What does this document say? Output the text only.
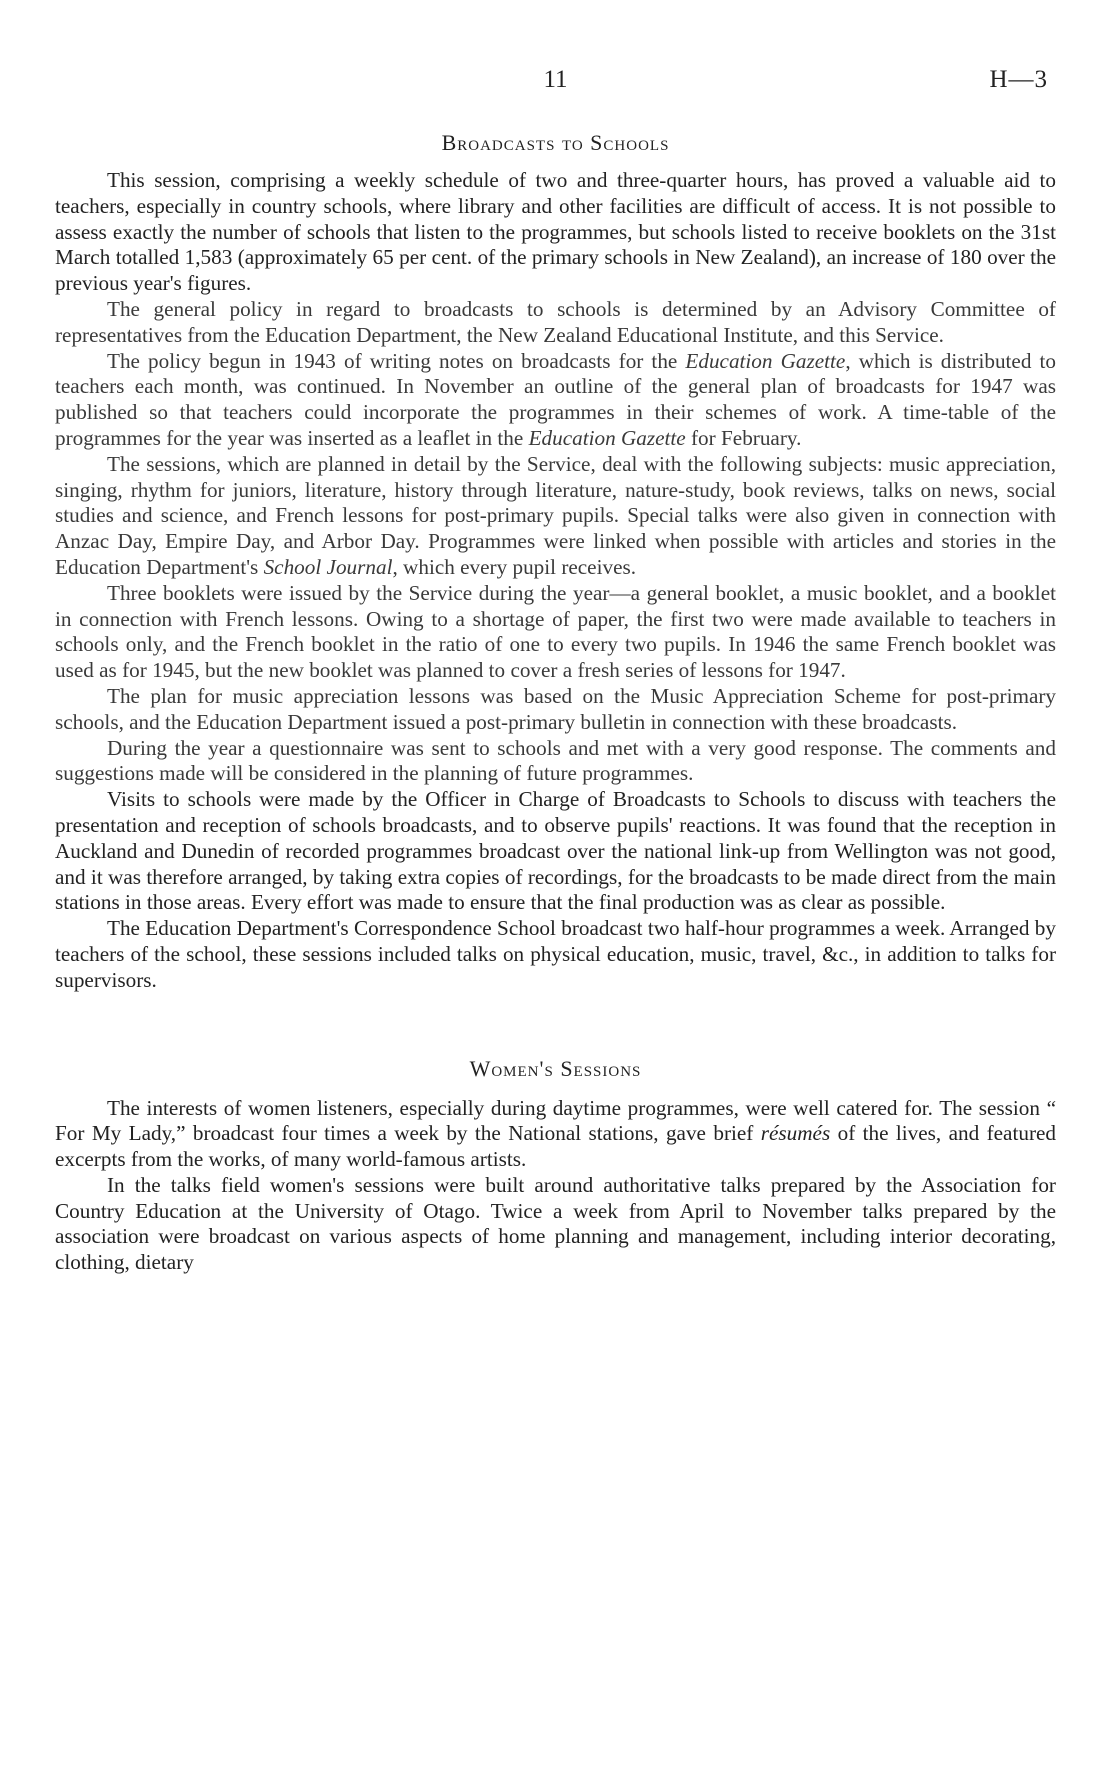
11	H—3
Broadcasts to Schools

This session, comprising a weekly schedule of two and three-quarter hours, has proved a valuable aid to teachers, especially in country schools, where library and other facilities are difficult of access. It is not possible to assess exactly the number of schools that listen to the programmes, but schools listed to receive booklets on the 31st March totalled 1,583 (approximately 65 per cent. of the primary schools in New Zealand), an increase of 180 over the previous year's figures.

The general policy in regard to broadcasts to schools is determined by an Advisory Committee of representatives from the Education Department, the New Zealand Educational Institute, and this Service.

The policy begun in 1943 of writing notes on broadcasts for the Education Gazette, which is distributed to teachers each month, was continued. In November an outline of the general plan of broadcasts for 1947 was published so that teachers could incorporate the programmes in their schemes of work. A time-table of the programmes for the year was inserted as a leaflet in the Education Gazette for February.

The sessions, which are planned in detail by the Service, deal with the following subjects: music appreciation, singing, rhythm for juniors, literature, history through literature, nature-study, book reviews, talks on news, social studies and science, and French lessons for post-primary pupils. Special talks were also given in connection with Anzac Day, Empire Day, and Arbor Day. Programmes were linked when possible with articles and stories in the Education Department's School Journal, which every pupil receives.

Three booklets were issued by the Service during the year—a general booklet, a music booklet, and a booklet in connection with French lessons. Owing to a shortage of paper, the first two were made available to teachers in schools only, and the French booklet in the ratio of one to every two pupils. In 1946 the same French booklet was used as for 1945, but the new booklet was planned to cover a fresh series of lessons for 1947.

The plan for music appreciation lessons was based on the Music Appreciation Scheme for post-primary schools, and the Education Department issued a post-primary bulletin in connection with these broadcasts.

During the year a questionnaire was sent to schools and met with a very good response. The comments and suggestions made will be considered in the planning of future programmes.

Visits to schools were made by the Officer in Charge of Broadcasts to Schools to discuss with teachers the presentation and reception of schools broadcasts, and to observe pupils' reactions. It was found that the reception in Auckland and Dunedin of recorded programmes broadcast over the national link-up from Wellington was not good, and it was therefore arranged, by taking extra copies of recordings, for the broadcasts to be made direct from the main stations in those areas. Every effort was made to ensure that the final production was as clear as possible.

The Education Department's Correspondence School broadcast two half-hour programmes a week. Arranged by teachers of the school, these sessions included talks on physical education, music, travel, &c., in addition to talks for supervisors.

Women's Sessions

The interests of women listeners, especially during daytime programmes, were well catered for. The session “ For My Lady,” broadcast four times a week by the National stations, gave brief résumés of the lives, and featured excerpts from the works, of many world-famous artists.

In the talks field women's sessions were built around authoritative talks prepared by the Association for Country Education at the University of Otago. Twice a week from April to November talks prepared by the association were broadcast on various aspects of home planning and management, including interior decorating, clothing, dietary
